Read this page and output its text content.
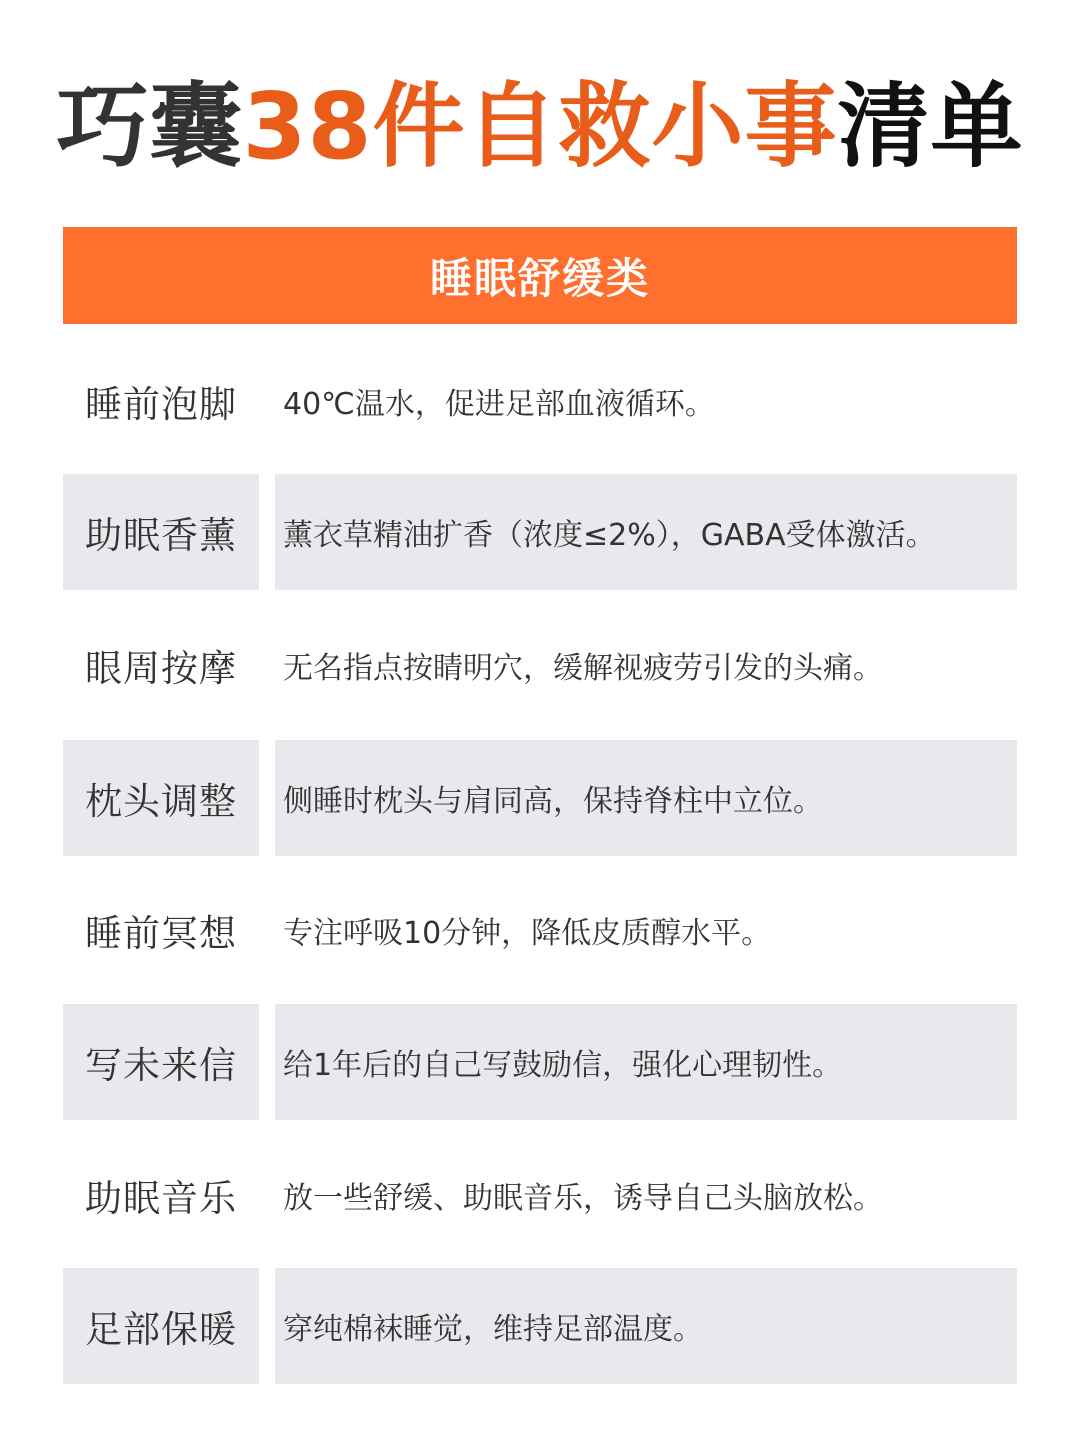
巧囊38件自救小事清单
睡眠舒缓类
睡前泡脚 40℃温水，促进足部血液循环。
助眠香薰 薰衣草精油扩香（浓度≤2%），GABA受体激活。
眼周按摩 无名指点按睛明穴，缓解视疲劳引发的头痛。
枕头调整 侧睡时枕头与肩同高，保持脊柱中立位。
睡前冥想 专注呼吸10分钟，降低皮质醇水平。
写未来信 给1年后的自己写鼓励信，强化心理韧性。
助眠音乐 放一些舒缓、助眠音乐，诱导自己头脑放松。
足部保暖 穿纯棉袜睡觉，维持足部温度。
